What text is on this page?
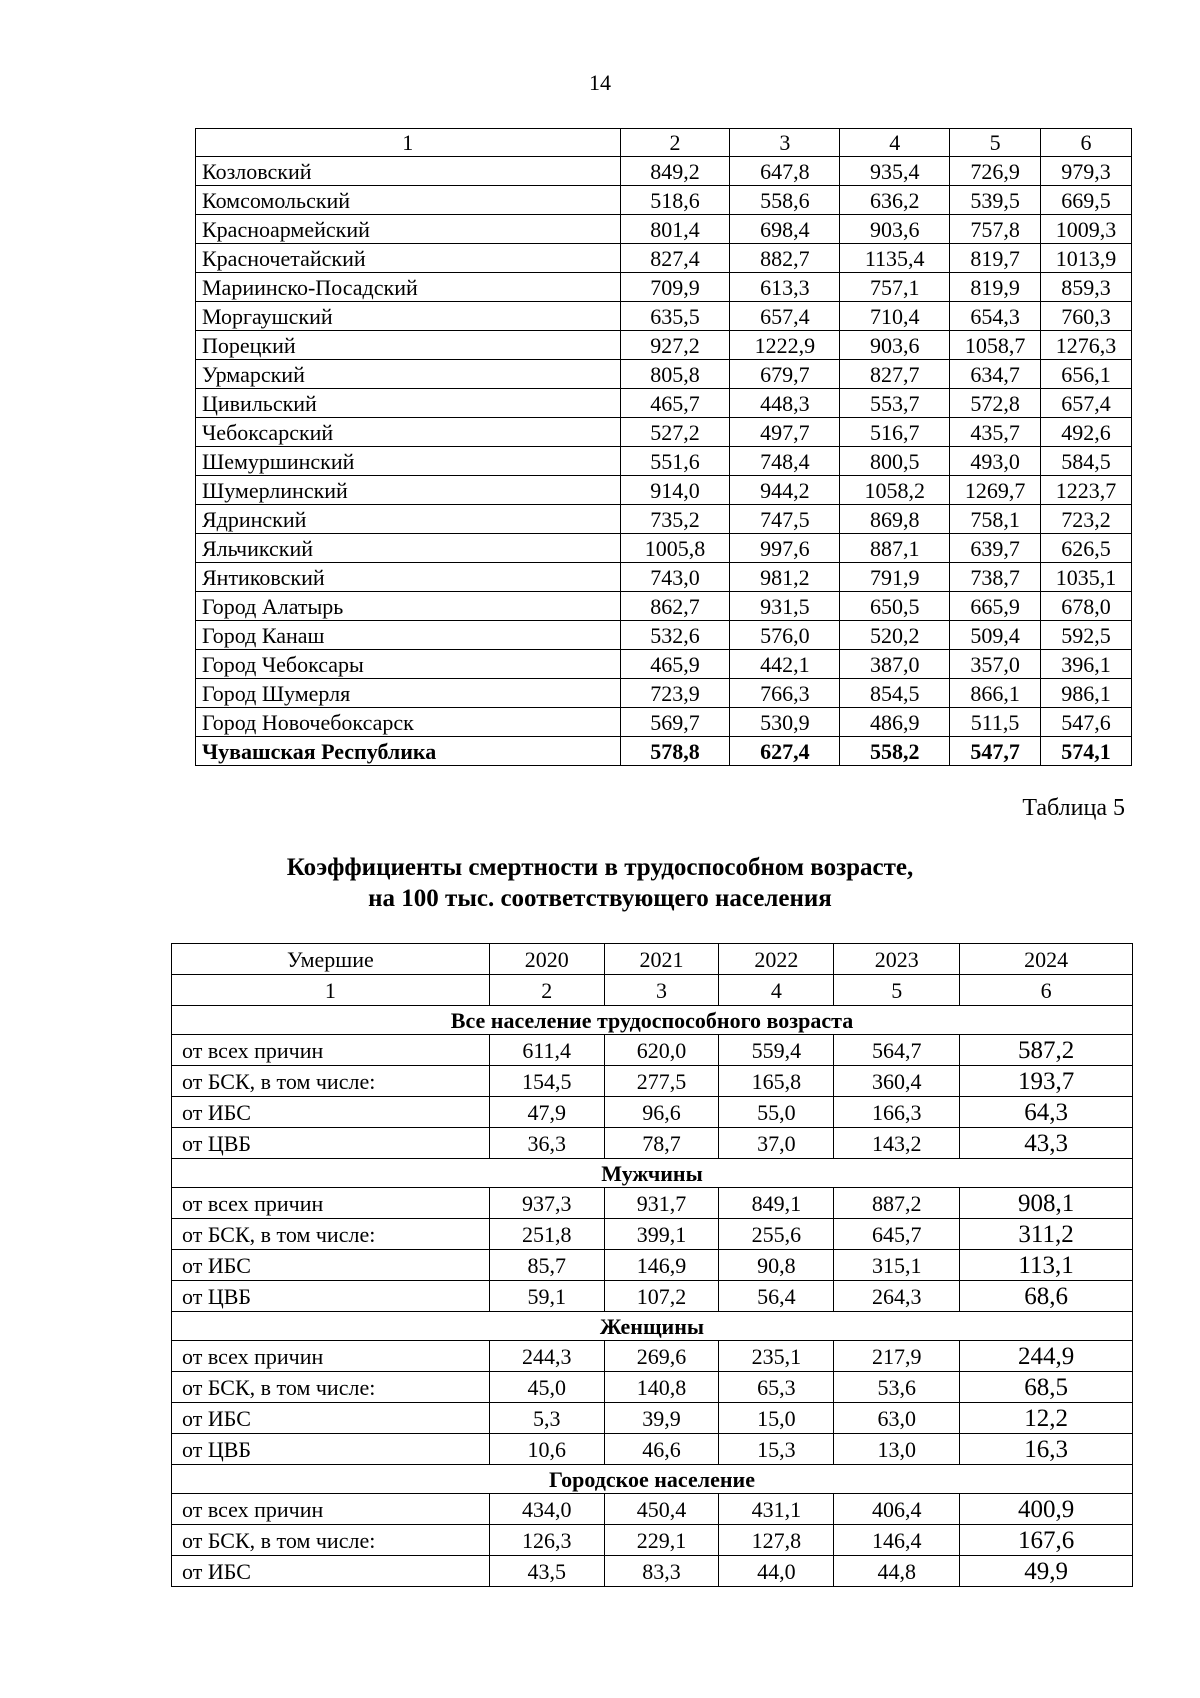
14
1	2	3	4	5	6
Козловский	849,2	647,8	935,4	726,9	979,3
Комсомольский	518,6	558,6	636,2	539,5	669,5
Красноармейский	801,4	698,4	903,6	757,8	1009,3
Красночетайский	827,4	882,7	1135,4	819,7	1013,9
Мариинско-Посадский	709,9	613,3	757,1	819,9	859,3
Моргаушский	635,5	657,4	710,4	654,3	760,3
Порецкий	927,2	1222,9	903,6	1058,7	1276,3
Урмарский	805,8	679,7	827,7	634,7	656,1
Цивильский	465,7	448,3	553,7	572,8	657,4
Чебоксарский	527,2	497,7	516,7	435,7	492,6
Шемуршинский	551,6	748,4	800,5	493,0	584,5
Шумерлинский	914,0	944,2	1058,2	1269,7	1223,7
Ядринский	735,2	747,5	869,8	758,1	723,2
Яльчикский	1005,8	997,6	887,1	639,7	626,5
Янтиковский	743,0	981,2	791,9	738,7	1035,1
Город Алатырь	862,7	931,5	650,5	665,9	678,0
Город Канаш	532,6	576,0	520,2	509,4	592,5
Город Чебоксары	465,9	442,1	387,0	357,0	396,1
Город Шумерля	723,9	766,3	854,5	866,1	986,1
Город Новочебоксарск	569,7	530,9	486,9	511,5	547,6
Чувашская Республика	578,8	627,4	558,2	547,7	574,1
Таблица 5
Коэффициенты смертности в трудоспособном возрасте,
на 100 тыс. соответствующего населения
Умершие	2020	2021	2022	2023	2024
1	2	3	4	5	6
Все население трудоспособного возраста					
от всех причин	611,4	620,0	559,4	564,7	587,2
от БСК, в том числе:	154,5	277,5	165,8	360,4	193,7
от ИБС	47,9	96,6	55,0	166,3	64,3
от ЦВБ	36,3	78,7	37,0	143,2	43,3
Мужчины					
от всех причин	937,3	931,7	849,1	887,2	908,1
от БСК, в том числе:	251,8	399,1	255,6	645,7	311,2
от ИБС	85,7	146,9	90,8	315,1	113,1
от ЦВБ	59,1	107,2	56,4	264,3	68,6
Женщины					
от всех причин	244,3	269,6	235,1	217,9	244,9
от БСК, в том числе:	45,0	140,8	65,3	53,6	68,5
от ИБС	5,3	39,9	15,0	63,0	12,2
от ЦВБ	10,6	46,6	15,3	13,0	16,3
Городское население					
от всех причин	434,0	450,4	431,1	406,4	400,9
от БСК, в том числе:	126,3	229,1	127,8	146,4	167,6
от ИБС	43,5	83,3	44,0	44,8	49,9
